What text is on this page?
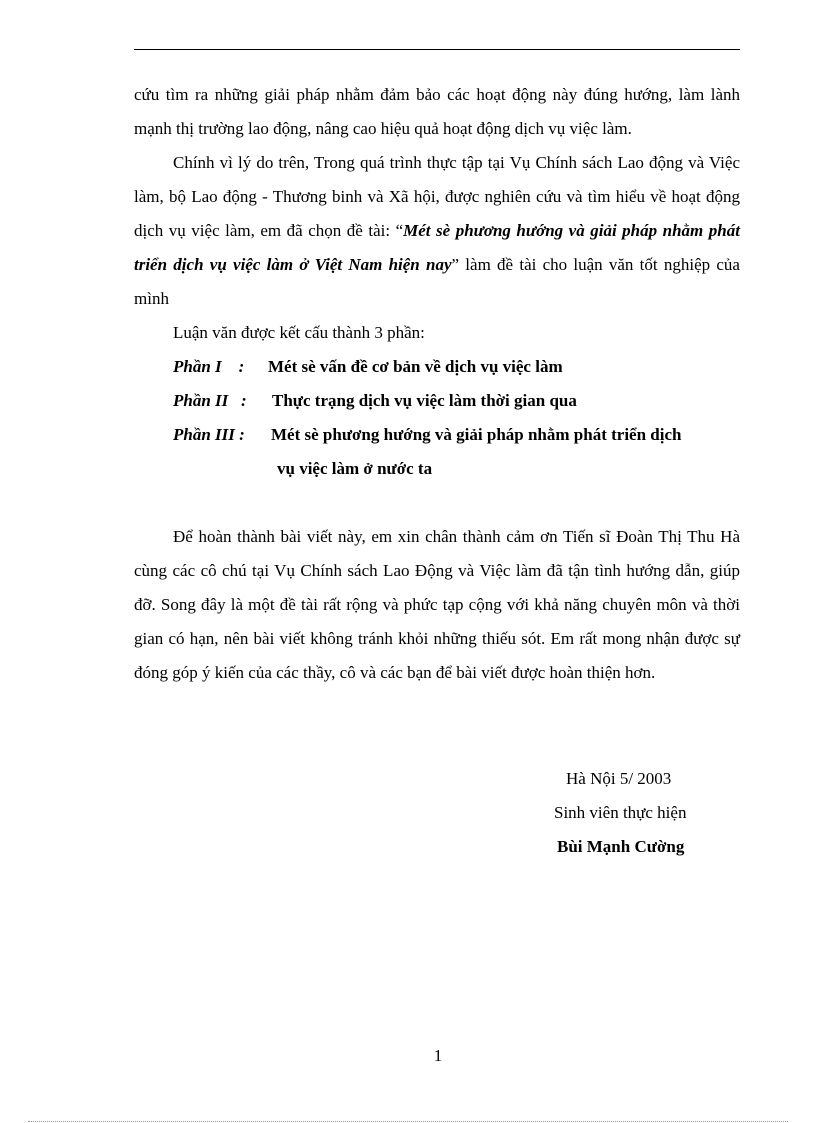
cứu tìm ra những giải pháp nhằm đảm bảo các hoạt động này đúng hướng, làm lành mạnh thị trường lao động, nâng cao hiệu quả hoạt động dịch vụ việc làm.

Chính vì lý do trên, Trong quá trình thực tập tại Vụ Chính sách Lao động và Việc làm, bộ Lao động - Thương binh và Xã hội, được nghiên cứu và tìm hiểu về hoạt động dịch vụ việc làm, em đã chọn đề tài: “Mét sè phương hướng và giải pháp nhằm phát triển dịch vụ việc làm ở Việt Nam hiện nay” làm đề tài cho luận văn tốt nghiệp của mình

Luận văn được kết cấu thành 3 phần:

Phần I    :	Mét sè vấn đề cơ bản về dịch vụ việc làm
Phần II   :	Thực trạng dịch vụ việc làm thời gian qua
Phần III :	Mét sè phương hướng và giải pháp nhằm phát triển dịch
vụ việc làm ở nước ta

Để hoàn thành bài viết này, em xin chân thành cảm ơn Tiến sĩ Đoàn Thị Thu Hà cùng các cô chú tại Vụ Chính sách Lao Động và Việc làm đã tận tình hướng dẫn, giúp đỡ. Song đây là một đề tài rất rộng và phức tạp cộng với khả năng chuyên môn và thời gian có hạn, nên bài viết không tránh khỏi những thiếu sót. Em rất mong nhận được sự đóng góp ý kiến của các thầy, cô và các bạn để bài viết được hoàn thiện hơn.

Hà Nội 5/ 2003
Sinh viên thực hiện
Bùi Mạnh Cường
1
